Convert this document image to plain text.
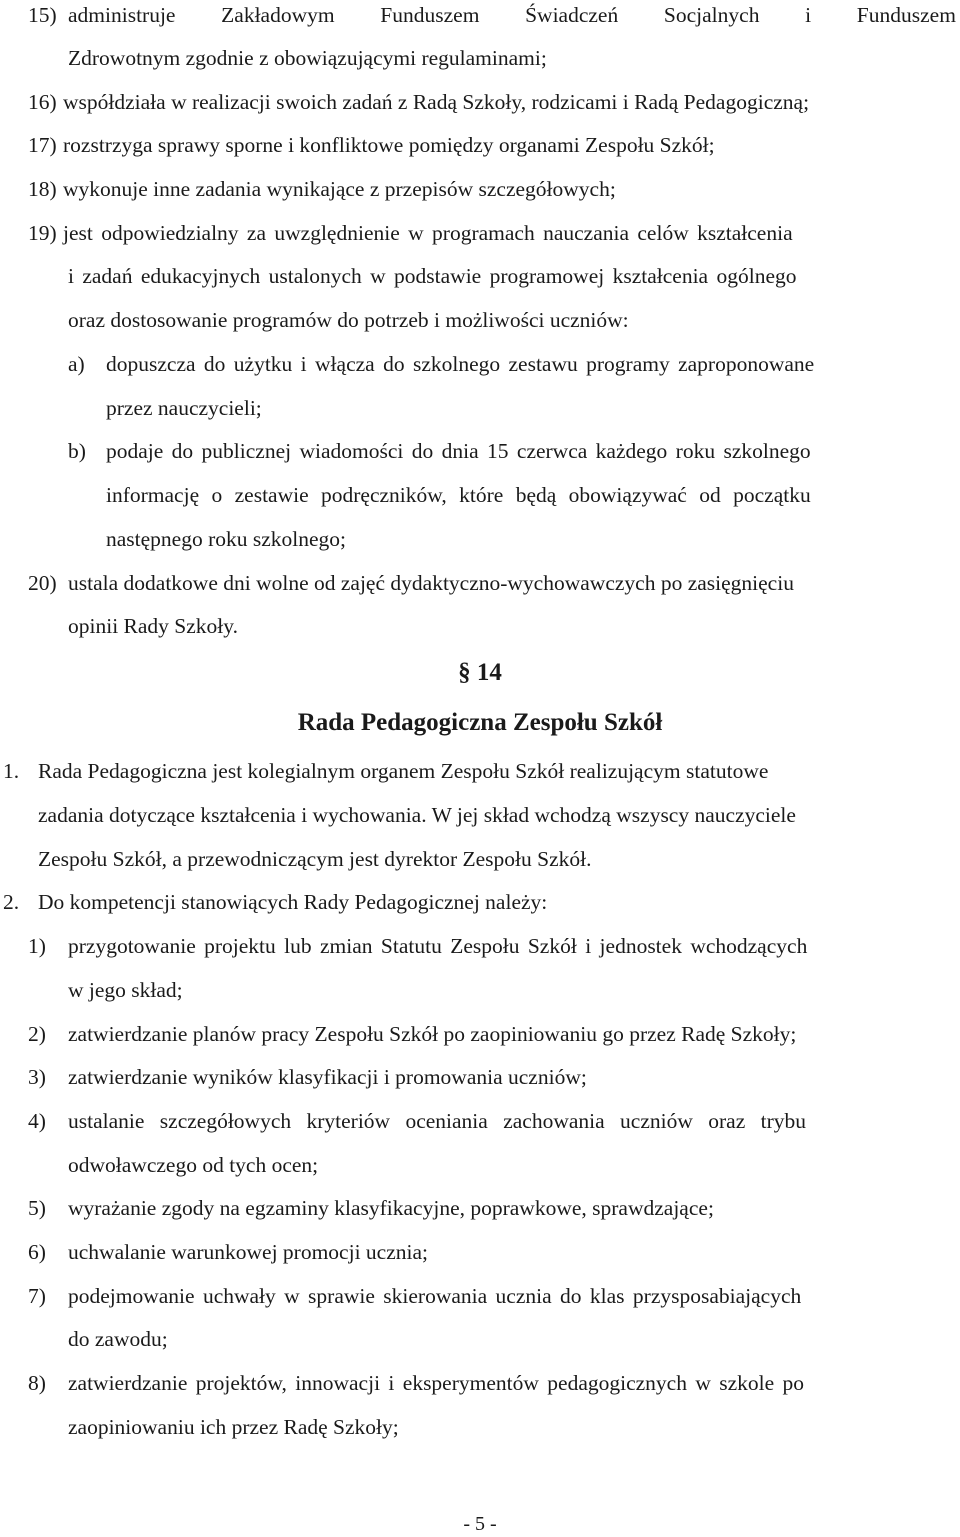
15) administruje Zakładowym Funduszem Świadczeń Socjalnych i Funduszem
Zdrowotnym zgodnie z obowiązującymi regulaminami;
16) współdziała w realizacji swoich zadań z Radą Szkoły, rodzicami i Radą Pedagogiczną;
17) rozstrzyga sprawy sporne i konfliktowe pomiędzy organami Zespołu Szkół;
18) wykonuje inne zadania wynikające z przepisów szczegółowych;
19) jest odpowiedzialny za uwzględnienie w programach nauczania celów kształcenia
i zadań edukacyjnych ustalonych w podstawie programowej kształcenia ogólnego
oraz dostosowanie programów do potrzeb i możliwości uczniów:
a) dopuszcza do użytku i włącza do szkolnego zestawu programy zaproponowane
przez nauczycieli;
b) podaje do publicznej wiadomości do dnia 15 czerwca każdego roku szkolnego
informację o zestawie podręczników, które będą obowiązywać od początku
następnego roku szkolnego;
20) ustala dodatkowe dni wolne od zajęć dydaktyczno-wychowawczych po zasięgnięciu
opinii Rady Szkoły.
§ 14
Rada Pedagogiczna Zespołu Szkół
1. Rada Pedagogiczna jest kolegialnym organem Zespołu Szkół realizującym statutowe
zadania dotyczące kształcenia i wychowania. W jej skład wchodzą wszyscy nauczyciele
Zespołu Szkół, a przewodniczącym jest dyrektor Zespołu Szkół.
2. Do kompetencji stanowiących Rady Pedagogicznej należy:
1) przygotowanie projektu lub zmian Statutu Zespołu Szkół i jednostek wchodzących
w jego skład;
2) zatwierdzanie planów pracy Zespołu Szkół po zaopiniowaniu go przez Radę Szkoły;
3) zatwierdzanie wyników klasyfikacji i promowania uczniów;
4) ustalanie szczegółowych kryteriów oceniania zachowania uczniów oraz trybu
odwoławczego od tych ocen;
5) wyrażanie zgody na egzaminy klasyfikacyjne, poprawkowe, sprawdzające;
6) uchwalanie warunkowej promocji ucznia;
7) podejmowanie uchwały w sprawie skierowania ucznia do klas przysposabiających
do zawodu;
8) zatwierdzanie projektów, innowacji i eksperymentów pedagogicznych w szkole po
zaopiniowaniu ich przez Radę Szkoły;
- 5 -
